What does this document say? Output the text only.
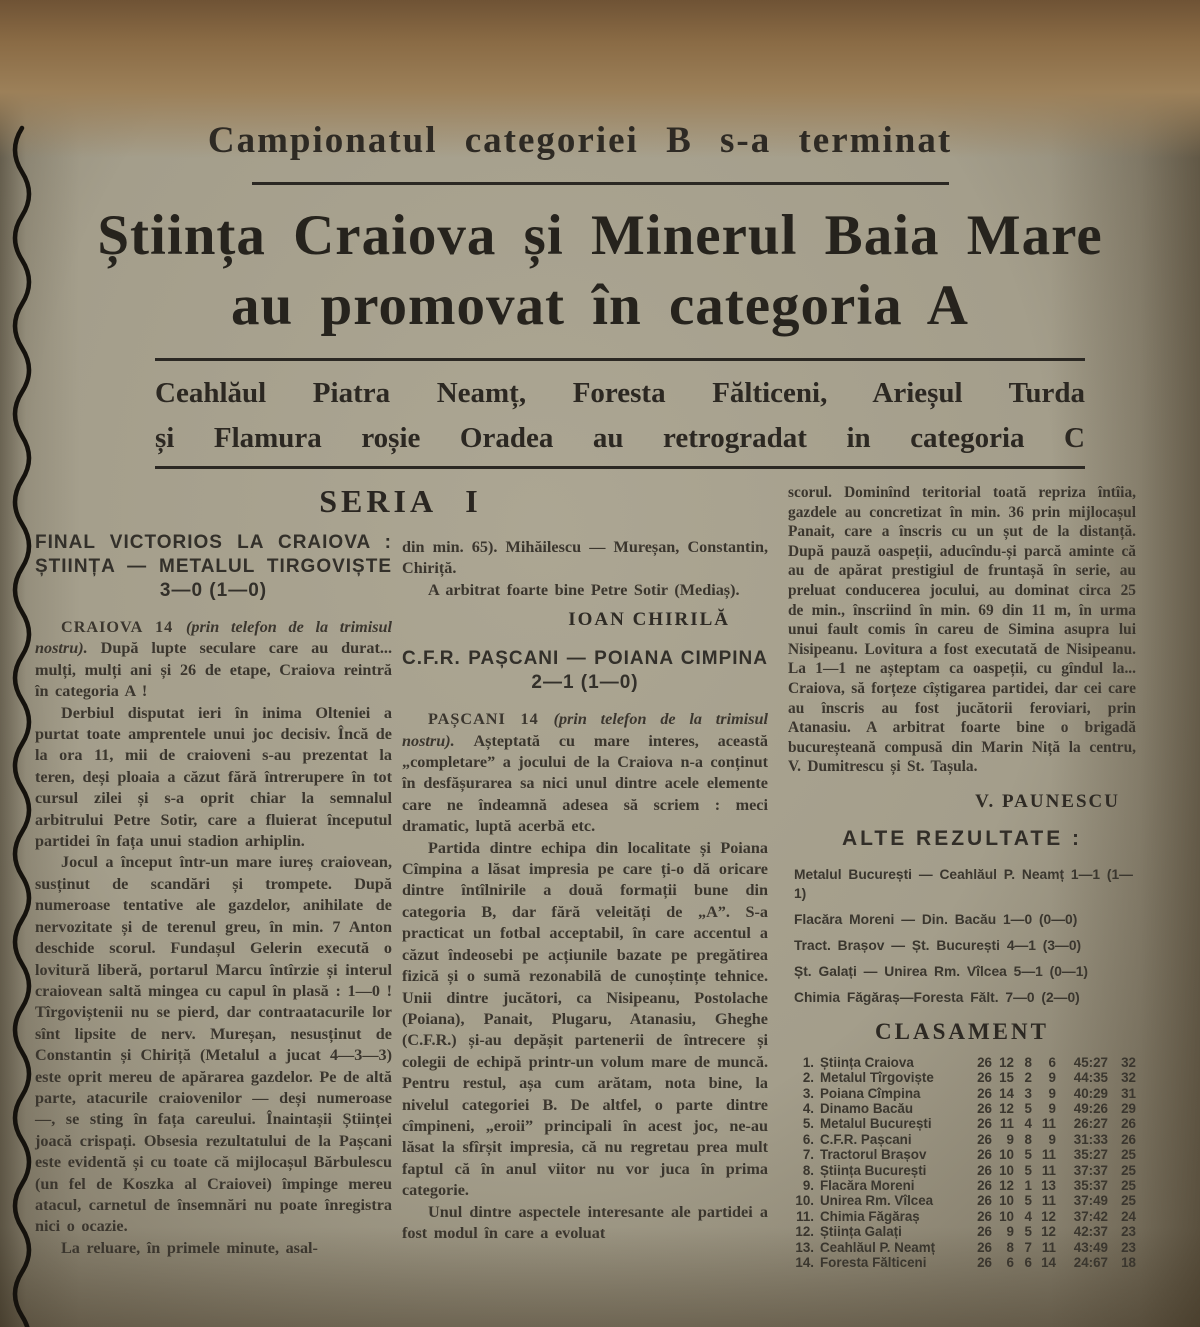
Campionatul categoriei B s-a terminat
Știința Craiova și Minerul Baia Mare
au promovat în categoria A
Ceahlăul Piatra Neamț, Foresta Fălticeni, Arieșul Turda
și Flamura roșie Oradea au retrogradat in categoria C
SERIA I
FINAL VICTORIOS LA CRAIOVA :
ȘTIINȚA — METALUL TIRGOVIȘTE
3—0 (1—0)

CRAIOVA 14 (prin telefon de la trimisul nostru). După lupte seculare care au durat... mulți, mulți ani și 26 de etape, Craiova reintră în categoria A !

Derbiul disputat ieri în inima Olteniei a purtat toate amprentele unui joc decisiv. Încă de la ora 11, mii de craioveni s-au prezentat la teren, deși ploaia a căzut fără întrerupere în tot cursul zilei și s-a oprit chiar la semnalul arbitrului Petre Sotir, care a fluierat începutul partidei în fața unui stadion arhiplin.

Jocul a început într-un mare iureș craiovean, susținut de scandări și trompete. După numeroase tentative ale gazdelor, anihilate de nervozitate și de terenul greu, în min. 7 Anton deschide scorul. Fundașul Gelerin execută o lovitură liberă, portarul Marcu întîrzie și interul craiovean saltă mingea cu capul în plasă : 1—0 ! Tîrgoviștenii nu se pierd, dar contraatacurile lor sînt lipsite de nerv. Mureșan, nesusținut de Constantin și Chiriță (Metalul a jucat 4—3—3) este oprit mereu de apărarea gazdelor. Pe de altă parte, atacurile craiovenilor — deși numeroase —, se sting în fața careului. Înaintașii Științei joacă crispați. Obsesia rezultatului de la Pașcani este evidentă și cu toate că mijlocașul Bărbulescu (un fel de Koszka al Craiovei) împinge mereu atacul, carnetul de însemnări nu poate înregistra nici o ocazie.

La reluare, în primele minute, asal-

din min. 65). Mihăilescu — Mureșan, Constantin, Chiriță.

A arbitrat foarte bine Petre Sotir (Mediaș).

IOAN CHIRILĂ
C.F.R. PAȘCANI — POIANA CIMPINA
2—1 (1—0)

PAȘCANI 14 (prin telefon de la trimisul nostru). Așteptată cu mare interes, această „completare” a jocului de la Craiova n-a conținut în desfășurarea sa nici unul dintre acele elemente care ne îndeamnă adesea să scriem : meci dramatic, luptă acerbă etc.

Partida dintre echipa din localitate și Poiana Cîmpina a lăsat impresia pe care ți-o dă oricare dintre întîlnirile a două formații bune din categoria B, dar fără veleități de „A”. S-a practicat un fotbal acceptabil, în care accentul a căzut îndeosebi pe acțiunile bazate pe pregătirea fizică și o sumă rezonabilă de cunoștințe tehnice. Unii dintre jucători, ca Nisipeanu, Postolache (Poiana), Panait, Plugaru, Atanasiu, Gheghe (C.F.R.) și-au depășit partenerii de întrecere și colegii de echipă printr-un volum mare de muncă. Pentru restul, așa cum arătam, nota bine, la nivelul categoriei B. De altfel, o parte dintre cîmpineni, „eroii” principali în acest joc, ne-au lăsat la sfîrșit impresia, că nu regretau prea mult faptul că în anul viitor nu vor juca în prima categorie.

Unul dintre aspectele interesante ale partidei a fost modul în care a evoluat

scorul. Dominînd teritorial toată repriza întîia, gazdele au concretizat în min. 36 prin mijlocașul Panait, care a înscris cu un șut de la distanță. După pauză oaspeții, aducîndu-și parcă aminte că au de apărat prestigiul de fruntașă în serie, au preluat conducerea jocului, au dominat circa 25 de min., înscriind în min. 69 din 11 m, în urma unui fault comis în careu de Simina asupra lui Nisipeanu. Lovitura a fost executată de Nisipeanu. La 1—1 ne așteptam ca oaspeții, cu gîndul la... Craiova, să forțeze cîștigarea partidei, dar cei care au înscris au fost jucătorii feroviari, prin Atanasiu. A arbitrat foarte bine o brigadă bucureșteană compusă din Marin Niță la centru, V. Dumitrescu și St. Tașula.

V. PAUNESCU
ALTE REZULTATE :
Metalul București — Ceahlăul P. Neamț 1—1 (1—1)
Flacăra Moreni — Din. Bacău 1—0 (0—0)
Tract. Brașov — Șt. București 4—1 (3—0)
Șt. Galați — Unirea Rm. Vîlcea 5—1 (0—1)
Chimia Făgăraș—Foresta Fălt. 7—0 (2—0)
CLASAMENT
1. Știința Craiova	26 12 8	6	45:27 32
2. Metalul Tîrgoviște	26 15 2	9	44:35 32
3. Poiana Cîmpina	26 14 3	9	40:29 31
4. Dinamo Bacău	26 12 5	9	49:26 29
5. Metalul București	26 11 4 11	26:27 26
6. C.F.R. Pașcani	26	9 8	9	31:33 26
7. Tractorul Brașov	26 10 5 11	35:27 25
8. Știința București	26 10 5 11	37:37 25
9. Flacăra Moreni	26 12 1 13	35:37 25
10. Unirea Rm. Vîlcea	26 10 5 11	37:49 25
11. Chimia Făgăraș	26 10 4 12	37:42 24
12. Știința Galați	26	9 5 12	42:37 23
13. Ceahlăul P. Neamț	26	8 7 11	43:49 23
14. Foresta Fălticeni	26	6 6 14	24:67 18
